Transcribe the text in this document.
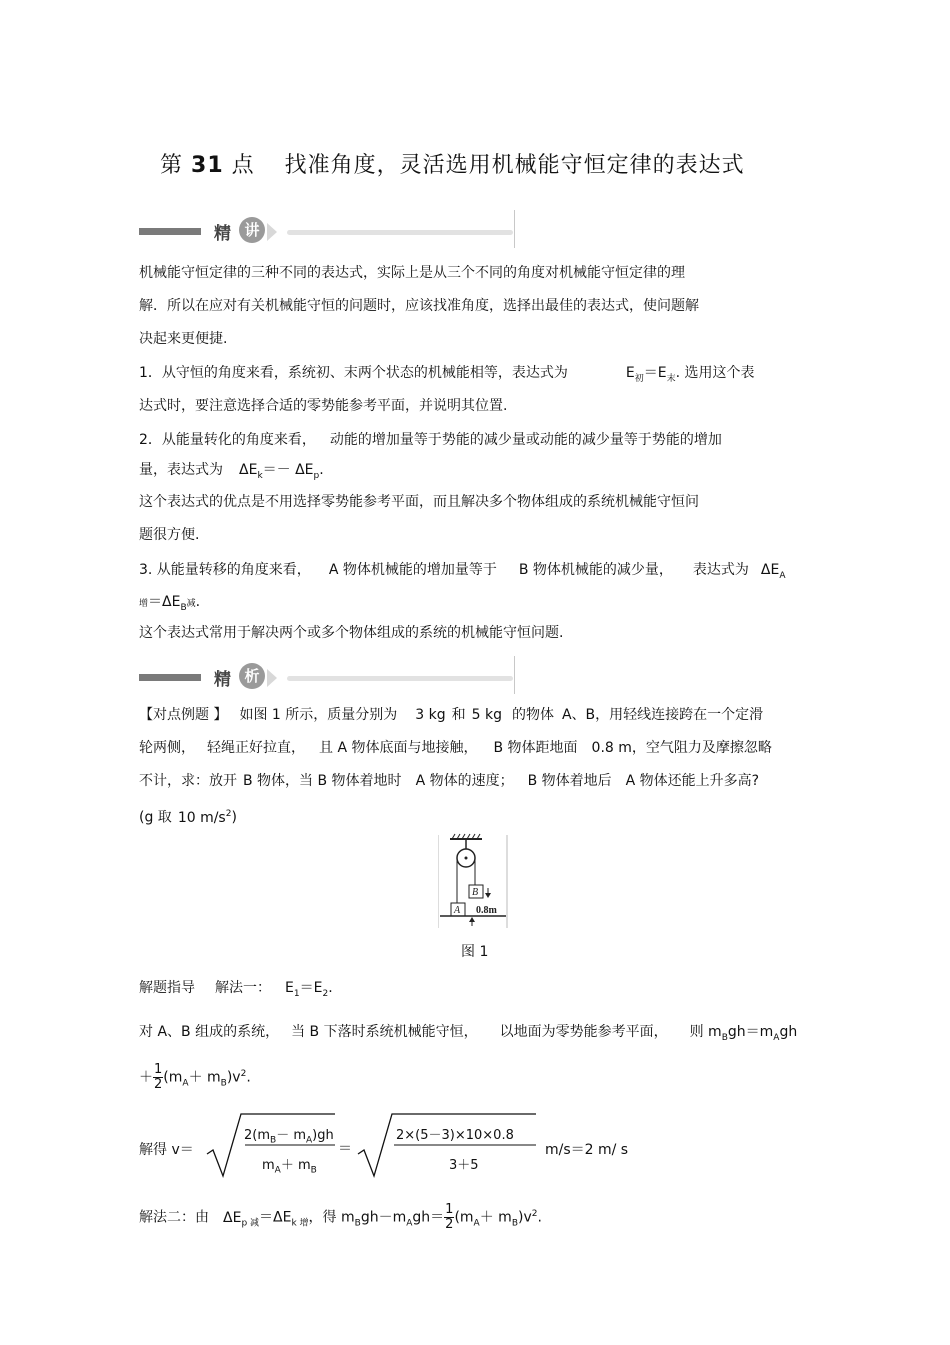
第 31 点 找准角度，灵活选用机械能守恒定律的表达式
精 讲
机械能守恒定律的三种不同的表达式，实际上是从三个不同的角度对机械能守恒定律的理
解．所以在应对有关机械能守恒的问题时，应该找准角度，选择出最佳的表达式，使问题解
决起来更便捷.
1．从守恒的角度来看，系统初、末两个状态的机械能相等，表达式为	$E_初=E_末$. 选用这个表
达式时，要注意选择合适的零势能参考平面，并说明其位置.
2．从能量转化的角度来看， 动能的增加量等于势能的减少量或动能的减少量等于势能的增加
量，表达式为 $\Delta E_k=- \Delta E_p$.
这个表达式的优点是不用选择零势能参考平面，而且解决多个物体组成的系统机械能守恒问
题很方便.
3. 从能量转移的角度来看， A 物体机械能的增加量等于 B 物体机械能的减少量， 表达式为 $\Delta E_A$
增$=\Delta E_B$减.
这个表达式常用于解决两个或多个物体组成的系统的机械能守恒问题.
精 析
【对点例题 】 如图 1 所示，质量分别为 3 kg 和 5 kg 的物体 A、B，用轻线连接跨在一个定滑
轮两侧， 轻绳正好拉直， 且 A 物体底面与地接触， B 物体距地面 0.8 m，空气阻力及摩擦忽略
不计，求：放开 B 物体，当 B 物体着地时 A 物体的速度； B 物体着地后 A 物体还能上升多高?
(g 取 10 $m/s^2$)
B
A 0.8m
图 1
解题指导 解法一： $E_1=E_2$.
对 A、B 组成的系统， 当 B 下落时系统机械能守恒， 以地面为零势能参考平面， 则 $m_Bgh=m_Agh$
＋ $\frac{1}{2} (m_A+ m_B)v^2$.
解得 v＝
$2(m_B- m_A)gh$
$m_A+ m_B$
＝
2×(5－3)×10×0.8
3＋5
m/s＝2 m/ s
解法二：由 $\Delta E_{p 减}=\Delta E_{k 增}$，得 $m_Bgh-m_Agh= \frac{1}{2} (m_A+ m_B)v^2$.
